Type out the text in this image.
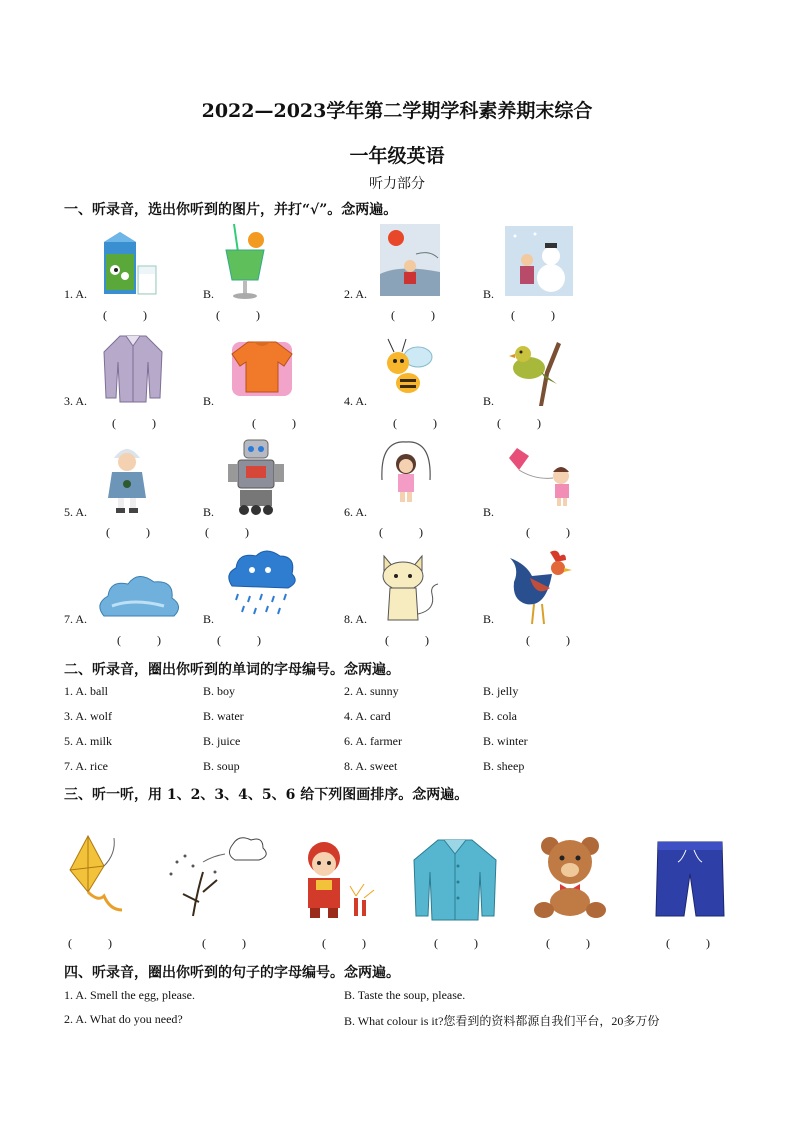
2022—2023学年第二学期学科素养期末综合
一年级英语
听力部分
一、听录音，选出你听到的图片，并打“√”。念两遍。
1. A.	B.	2. A.	B.
(  )	(  )	(  )	(  )
3. A.	B.	4. A.	B.
(  )	(  )	(  )	(  )
5. A.	B.	6. A.	B.
(  )	(  )	(  )	(  )
7. A.	B.	8. A.	B.
(  )	(  )	(  )	(  )
二、听录音，圈出你听到的单词的字母编号。念两遍。
1. A. ball	B. boy	2. A. sunny	B. jelly
3. A. wolf	B. water	4. A. card	B. cola
5. A. milk	B. juice	6. A. farmer	B. winter
7. A. rice	B. soup	8. A. sweet	B. sheep
三、听一听，用 1、2、3、4、5、6 给下列图画排序。念两遍。
(  )	(  )	(  )	(  )	(  )	(  )
四、听录音，圈出你听到的句子的字母编号。念两遍。
1. A. Smell the egg, please.	B. Taste the soup, please.
2. A. What do you need?	B. What colour is it?您看到的资料都源自我们平台，20多万份
